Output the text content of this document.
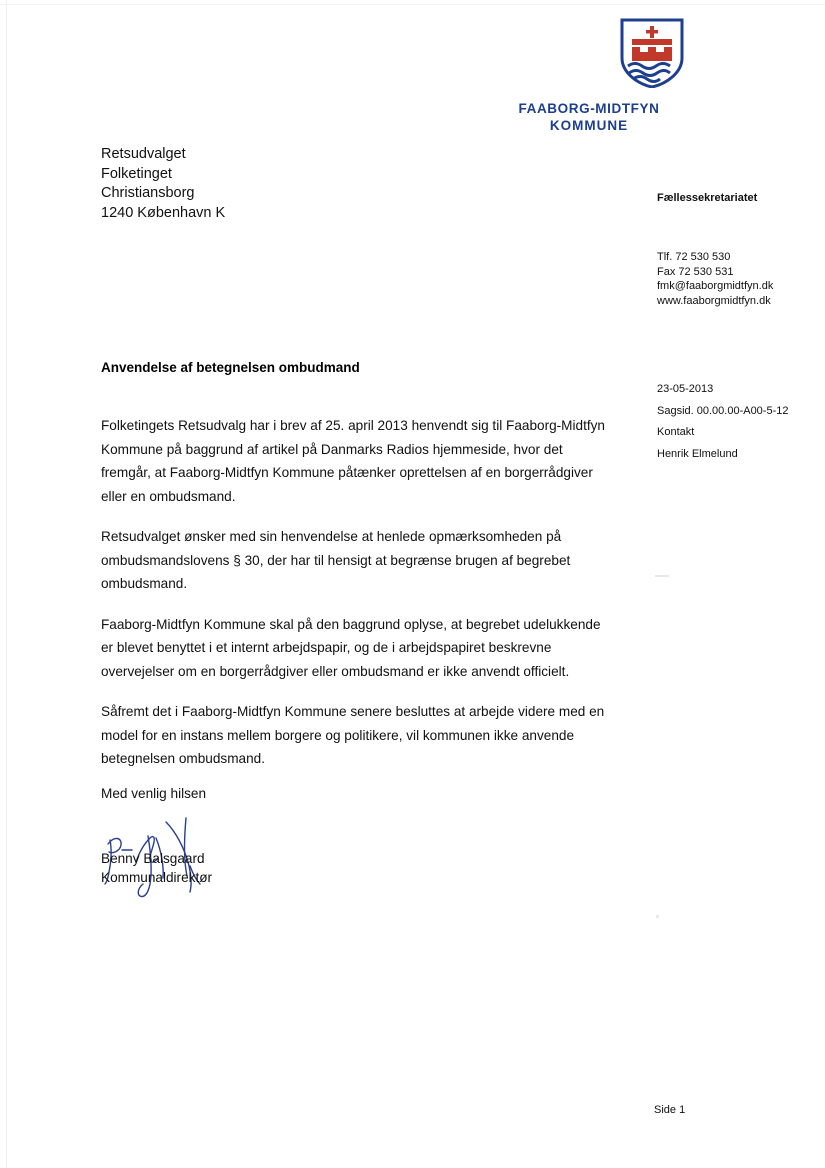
FAABORG-MIDTFYN
KOMMUNE
Retsudvalget
Folketinget
Christiansborg
1240 København K
Fællessekretariatet
Tlf. 72 530 530
Fax 72 530 531
fmk@faaborgmidtfyn.dk
www.faaborgmidtfyn.dk
23-05-2013
Sagsid. 00.00.00-A00-5-12
Kontakt
Henrik Elmelund
Anvendelse af betegnelsen ombudmand

Folketingets Retsudvalg har i brev af 25. april 2013 henvendt sig til Faaborg-Midtfyn Kommune på baggrund af artikel på Danmarks Radios hjemmeside, hvor det fremgår, at Faaborg-Midtfyn Kommune påtænker oprettelsen af en borgerrådgiver eller en ombudsmand.

Retsudvalget ønsker med sin henvendelse at henlede opmærksomheden på ombudsmandslovens § 30, der har til hensigt at begrænse brugen af begrebet ombudsmand.

Faaborg-Midtfyn Kommune skal på den baggrund oplyse, at begrebet udelukkende er blevet benyttet i et internt arbejdspapir, og de i arbejdspapiret beskrevne overvejelser om en borgerrådgiver eller ombudsmand er ikke anvendt officielt.

Såfremt det i Faaborg-Midtfyn Kommune senere besluttes at arbejde videre med en model for en instans mellem borgere og politikere, vil kommunen ikke anvende betegnelsen ombudsmand.

Med venlig hilsen
Benny Balsgaard
Kommunaldirektør
Side 1
